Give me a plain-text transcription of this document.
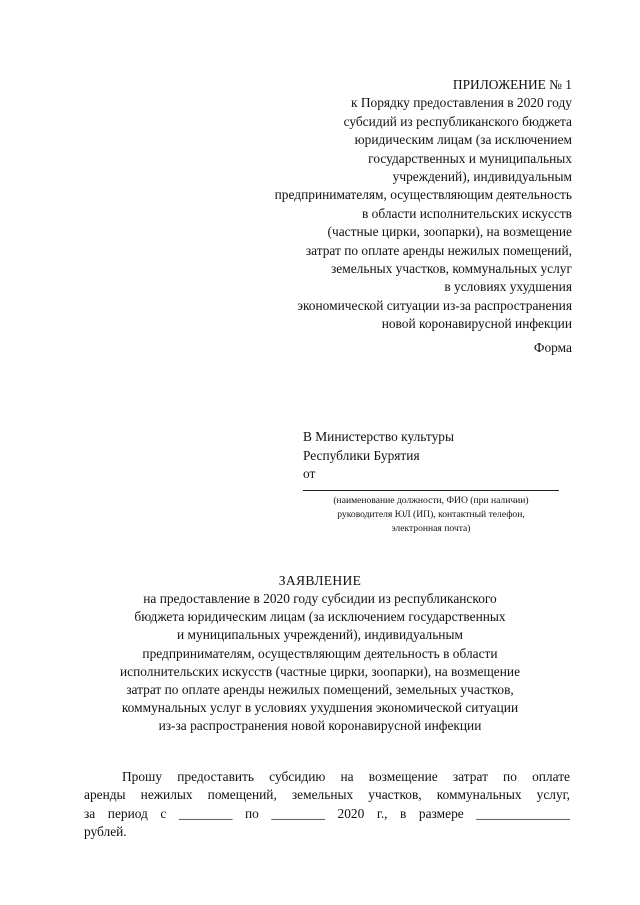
ПРИЛОЖЕНИЕ № 1
к Порядку предоставления в 2020 году
субсидий из республиканского бюджета
юридическим лицам (за исключением
государственных и муниципальных
учреждений), индивидуальным
предпринимателям, осуществляющим деятельность
в области исполнительских искусств
(частные цирки, зоопарки), на возмещение
затрат по оплате аренды нежилых помещений,
земельных участков, коммунальных услуг
в условиях ухудшения
экономической ситуации из-за распространения
новой коронавирусной инфекции
Форма
В Министерство культуры
Республики Бурятия
от
(наименование должности, ФИО (при наличии)
руководителя ЮЛ (ИП), контактный телефон,
электронная почта)
ЗАЯВЛЕНИЕ
на предоставление в 2020 году субсидии из республиканского
бюджета юридическим лицам (за исключением государственных
и муниципальных учреждений), индивидуальным
предпринимателям, осуществляющим деятельность в области
исполнительских искусств (частные цирки, зоопарки), на возмещение
затрат по оплате аренды нежилых помещений, земельных участков,
коммунальных услуг в условиях ухудшения экономической ситуации
из-за распространения новой коронавирусной инфекции
Прошу предоставить субсидию на возмещение затрат по оплате
аренды нежилых помещений, земельных участков, коммунальных услуг,
за период с ________ по ________ 2020 г., в размере ______________
рублей.
